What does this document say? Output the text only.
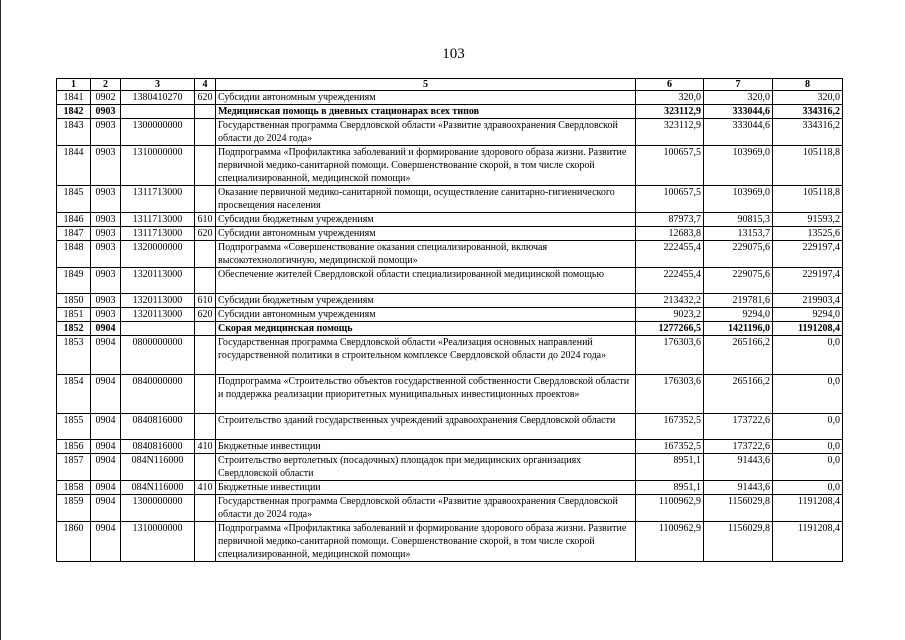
103
1	2	3	4	5	6	7	8
1841	0902	1380410270	620	Субсидии автономным учреждениям	320,0	320,0	320,0
1842	0903			Медицинская помощь в дневных стационарах всех типов	323112,9	333044,6	334316,2
1843	0903	1300000000		Государственная программа Свердловской области «Развитие здравоохранения Свердловской области до 2024 года»	323112,9	333044,6	334316,2
1844	0903	1310000000		Подпрограмма «Профилактика заболеваний и формирование здорового образа жизни. Развитие первичной медико-санитарной помощи. Совершенствование скорой, в том числе скорой специализированной, медицинской помощи»	100657,5	103969,0	105118,8
1845	0903	1311713000		Оказание первичной медико-санитарной помощи, осуществление санитарно-гигиенического просвещения населения	100657,5	103969,0	105118,8
1846	0903	1311713000	610	Субсидии бюджетным учреждениям	87973,7	90815,3	91593,2
1847	0903	1311713000	620	Субсидии автономным учреждениям	12683,8	13153,7	13525,6
1848	0903	1320000000		Подпрограмма «Совершенствование оказания специализированной, включая высокотехнологичную, медицинской помощи»	222455,4	229075,6	229197,4
1849	0903	1320113000		Обеспечение жителей Свердловской области специализированной медицинской помощью	222455,4	229075,6	229197,4
1850	0903	1320113000	610	Субсидии бюджетным учреждениям	213432,2	219781,6	219903,4
1851	0903	1320113000	620	Субсидии автономным учреждениям	9023,2	9294,0	9294,0
1852	0904			Скорая медицинская помощь	1277266,5	1421196,0	1191208,4
1853	0904	0800000000		Государственная программа Свердловской области «Реализация основных направлений государственной политики в строительном комплексе Свердловской области до 2024 года»	176303,6	265166,2	0,0
1854	0904	0840000000		Подпрограмма «Строительство объектов государственной собственности Свердловской области и поддержка реализации приоритетных муниципальных инвестиционных проектов»	176303,6	265166,2	0,0
1855	0904	0840816000		Строительство зданий государственных учреждений здравоохранения Свердловской области	167352,5	173722,6	0,0
1856	0904	0840816000	410	Бюджетные инвестиции	167352,5	173722,6	0,0
1857	0904	084N116000		Строительство вертолетных (посадочных) площадок при медицинских организациях Свердловской области	8951,1	91443,6	0,0
1858	0904	084N116000	410	Бюджетные инвестиции	8951,1	91443,6	0,0
1859	0904	1300000000		Государственная программа Свердловской области «Развитие здравоохранения Свердловской области до 2024 года»	1100962,9	1156029,8	1191208,4
1860	0904	1310000000		Подпрограмма «Профилактика заболеваний и формирование здорового образа жизни. Развитие первичной медико-санитарной помощи. Совершенствование скорой, в том числе скорой специализированной, медицинской помощи»	1100962,9	1156029,8	1191208,4
